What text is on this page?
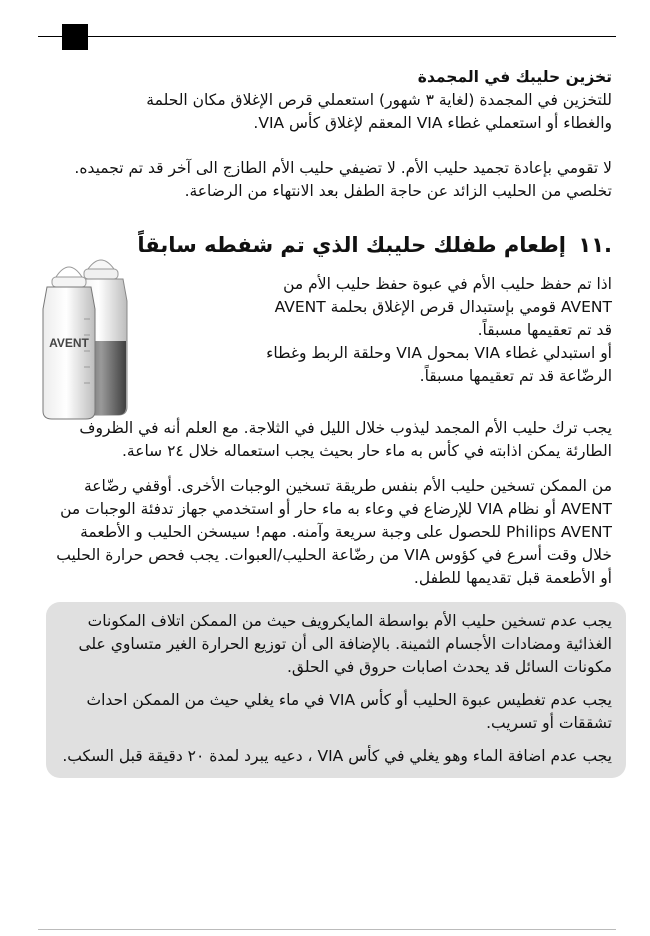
تخزين حليبك في المجمدة

للتخزين في المجمدة (لغاية ٣ شهور) استعملي قرص الإغلاق مكان الحلمة

والغطاء أو استعملي غطاء VIA المعقم لإغلاق كأس VIA.

لا تقومي بإعادة تجميد حليب الأم. لا تضيفي حليب الأم الطازج الى آخر قد تم تجميده. تخلصي من الحليب الزائد عن حاجة الطفل بعد الانتهاء من الرضاعة.

.١١
إطعام طفلك حليبك الذي تم شفطه سابقاً
AVENT

اذا تم حفظ حليب الأم في عبوة حفظ حليب الأم من

AVENT قومي بإستبدال قرص الإغلاق بحلمة AVENT

قد تم تعقيمها مسبقاً.

أو استبدلي غطاء VIA بمحول VIA وحلقة الربط وغطاء

الرضّاعة قد تم تعقيمها مسبقاً.

يجب ترك حليب الأم المجمد ليذوب خلال الليل في الثلاجة. مع العلم أنه في الظروف الطارئة يمكن اذابته في كأس به ماء حار بحيث يجب استعماله خلال ٢٤ ساعة.

من الممكن تسخين حليب الأم بنفس طريقة تسخين الوجبات الأخرى. أوقفي رضّاعة AVENT أو نظام VIA للإرضاع في وعاء به ماء حار أو استخدمي جهاز تدفئة الوجبات من Philips AVENT للحصول على وجبة سريعة وآمنه. مهم! سيسخن الحليب و الأطعمة خلال وقت أسرع في كؤوس VIA من رضّاعة الحليب/العبوات. يجب فحص حرارة الحليب أو الأطعمة قبل تقديمها للطفل.

يجب عدم تسخين حليب الأم بواسطة المايكرويف حيث من الممكن اتلاف المكونات الغذائية ومضادات الأجسام الثمينة. بالإضافة الى أن توزيع الحرارة الغير متساوي على مكونات السائل قد يحدث اصابات حروق في الحلق.

يجب عدم تغطيس عبوة الحليب أو كأس VIA في ماء يغلي حيث من الممكن احداث تشققات أو تسريب.

يجب عدم اضافة الماء وهو يغلي في كأس VIA ، دعيه يبرد لمدة ٢٠ دقيقة قبل السكب.
